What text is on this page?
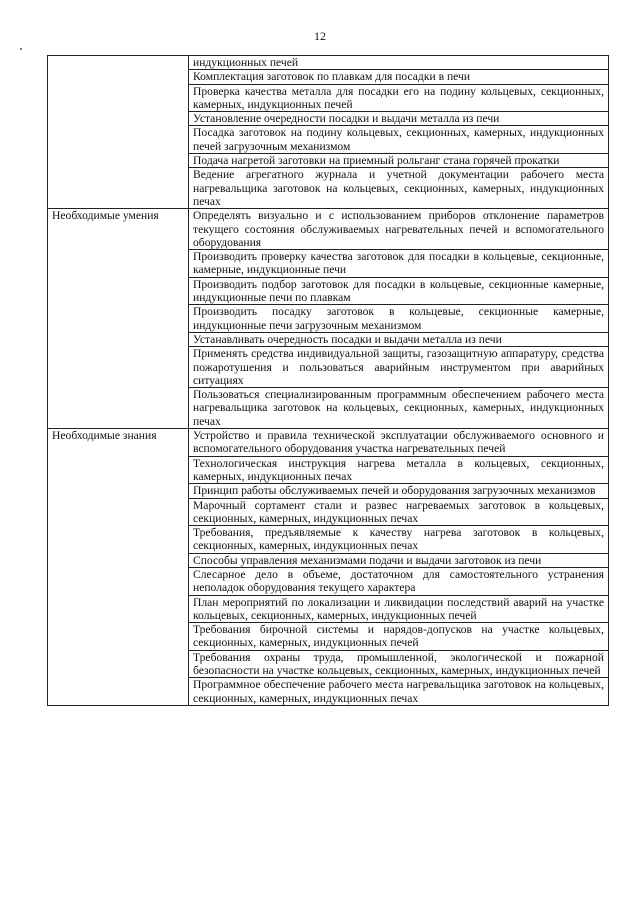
12
	индукционных печей
	Комплектация заготовок по плавкам для посадки в печи
	Проверка качества металла для посадки его на подину кольцевых, секционных, камерных, индукционных печей
	Установление очередности посадки и выдачи металла из печи
	Посадка заготовок на подину кольцевых, секционных, камерных, индукционных печей загрузочным механизмом
	Подача нагретой заготовки на приемный рольганг стана горячей прокатки
	Ведение агрегатного журнала и учетной документации рабочего места нагревальщика заготовок на кольцевых, секционных, камерных, индукционных печах
Необходимые умения	Определять визуально и с использованием приборов отклонение параметров текущего состояния обслуживаемых нагревательных печей и вспомогательного оборудования
	Производить проверку качества заготовок для посадки в кольцевые, секционные, камерные, индукционные печи
	Производить подбор заготовок для посадки в кольцевые, секционные камерные, индукционные печи по плавкам
	Производить посадку заготовок в кольцевые, секционные камерные, индукционные печи загрузочным механизмом
	Устанавливать очередность посадки и выдачи металла из печи
	Применять средства индивидуальной защиты, газозащитную аппаратуру, средства пожаротушения и пользоваться аварийным инструментом при аварийных ситуациях
	Пользоваться специализированным программным обеспечением рабочего места нагревальщика заготовок на кольцевых, секционных, камерных, индукционных печах
Необходимые знания	Устройство и правила технической эксплуатации обслуживаемого основного и вспомогательного оборудования участка нагревательных печей
	Технологическая инструкция нагрева металла в кольцевых, секционных, камерных, индукционных печах
	Принцип работы обслуживаемых печей и оборудования загрузочных механизмов
	Марочный сортамент стали и развес нагреваемых заготовок в кольцевых, секционных, камерных, индукционных печах
	Требования, предъявляемые к качеству нагрева заготовок в кольцевых, секционных, камерных, индукционных печах
	Способы управления механизмами подачи и выдачи заготовок из печи
	Слесарное дело в объеме, достаточном для самостоятельного устранения неполадок оборудования текущего характера
	План мероприятий по локализации и ликвидации последствий аварий на участке кольцевых, секционных, камерных, индукционных печей
	Требования бирочной системы и нарядов-допусков на участке кольцевых, секционных, камерных, индукционных печей
	Требования охраны труда, промышленной, экологической и пожарной безопасности на участке кольцевых, секционных, камерных, индукционных печей
	Программное обеспечение рабочего места нагревальщика заготовок на кольцевых, секционных, камерных, индукционных печах
